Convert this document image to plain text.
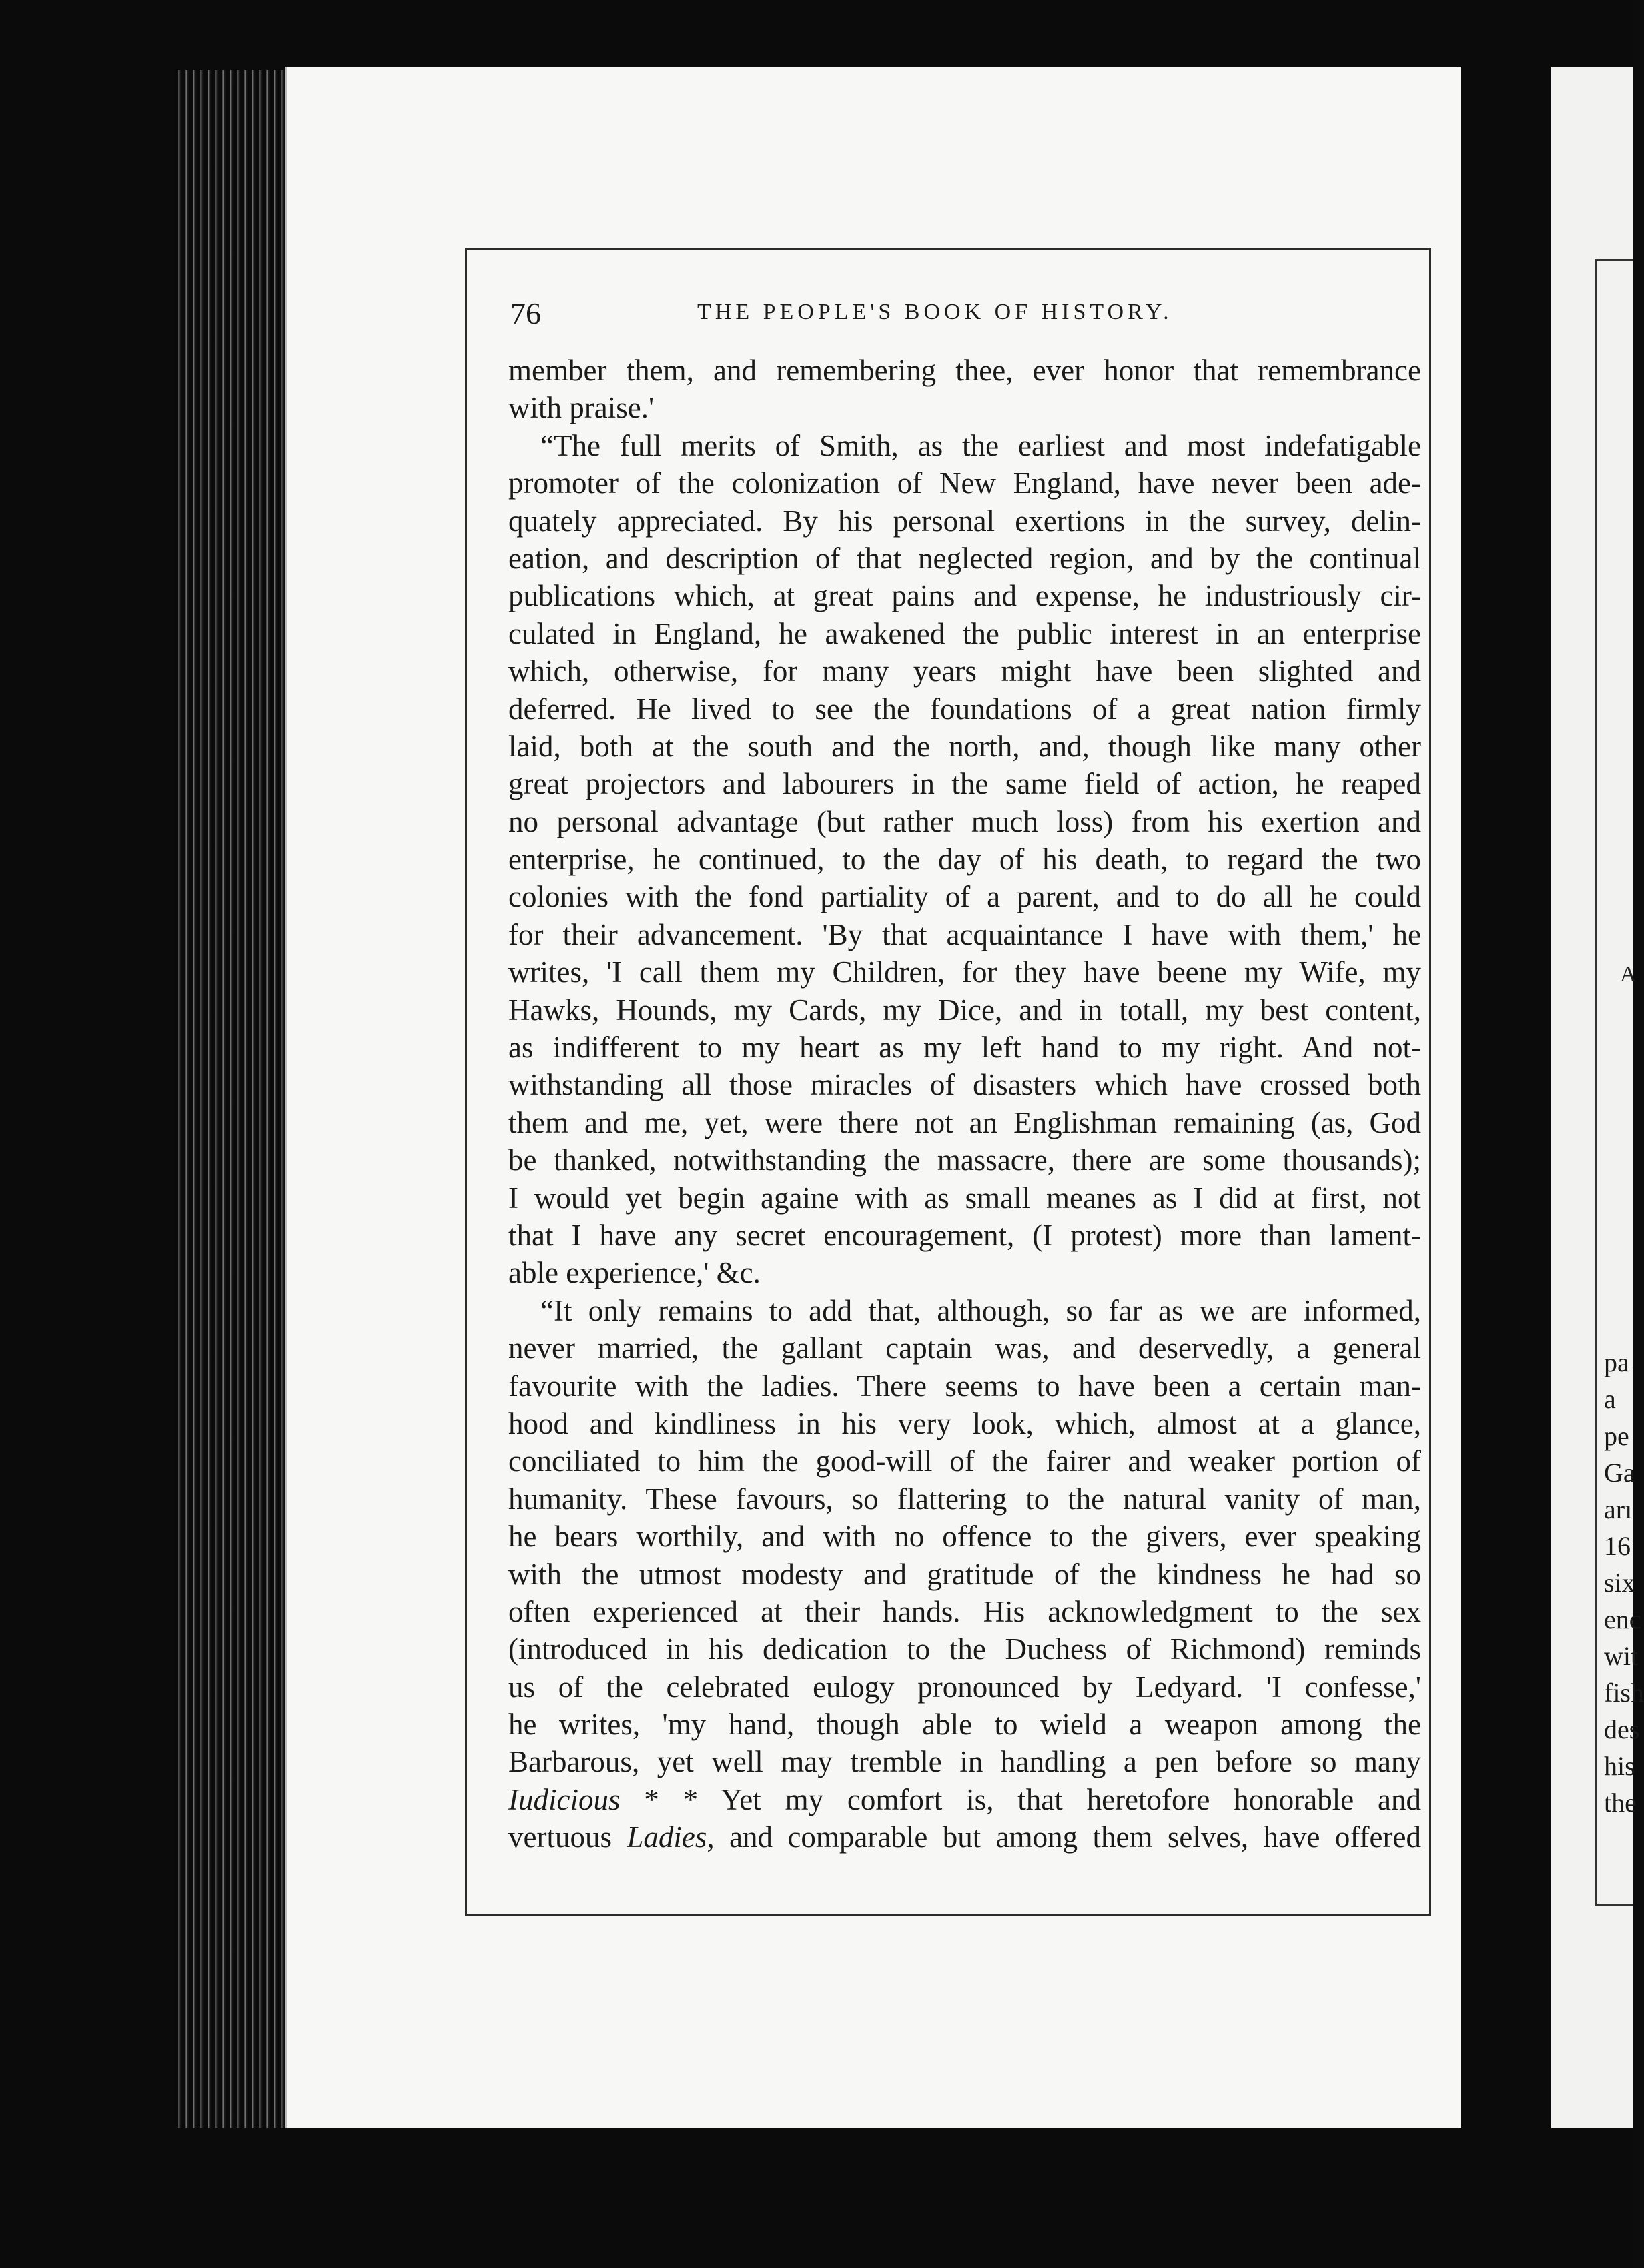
A
pa
a
pe
Ga
arı
16
six
enc
wit
fish
des
his
the
76	THE PEOPLE'S BOOK OF HISTORY.
member them, and remembering thee, ever honor that remembrance
with praise.'
“The full merits of Smith, as the earliest and most indefatigable
promoter of the colonization of New England, have never been ade-
quately appreciated. By his personal exertions in the survey, delin-
eation, and description of that neglected region, and by the continual
publications which, at great pains and expense, he industriously cir-
culated in England, he awakened the public interest in an enterprise
which, otherwise, for many years might have been slighted and
deferred. He lived to see the foundations of a great nation firmly
laid, both at the south and the north, and, though like many other
great projectors and labourers in the same field of action, he reaped
no personal advantage (but rather much loss) from his exertion and
enterprise, he continued, to the day of his death, to regard the two
colonies with the fond partiality of a parent, and to do all he could
for their advancement. 'By that acquaintance I have with them,' he
writes, 'I call them my Children, for they have beene my Wife, my
Hawks, Hounds, my Cards, my Dice, and in totall, my best content,
as indifferent to my heart as my left hand to my right. And not-
withstanding all those miracles of disasters which have crossed both
them and me, yet, were there not an Englishman remaining (as, God
be thanked, notwithstanding the massacre, there are some thousands);
I would yet begin againe with as small meanes as I did at first, not
that I have any secret encouragement, (I protest) more than lament-
able experience,' &c.
“It only remains to add that, although, so far as we are informed,
never married, the gallant captain was, and deservedly, a general
favourite with the ladies. There seems to have been a certain man-
hood and kindliness in his very look, which, almost at a glance,
conciliated to him the good-will of the fairer and weaker portion of
humanity. These favours, so flattering to the natural vanity of man,
he bears worthily, and with no offence to the givers, ever speaking
with the utmost modesty and gratitude of the kindness he had so
often experienced at their hands. His acknowledgment to the sex
(introduced in his dedication to the Duchess of Richmond) reminds
us of the celebrated eulogy pronounced by Ledyard. 'I confesse,'
he writes, 'my hand, though able to wield a weapon among the
Barbarous, yet well may tremble in handling a pen before so many
Iudicious * * Yet my comfort is, that heretofore honorable and
vertuous Ladies, and comparable but among them selves, have offered
